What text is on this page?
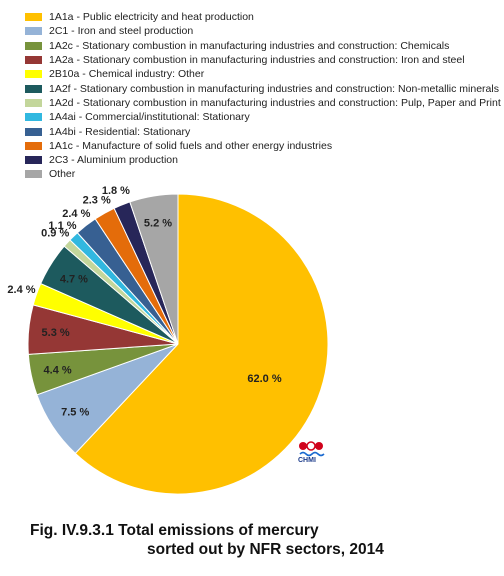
1A1a - Public electricity and heat production
2C1 - Iron and steel production
1A2c - Stationary combustion in manufacturing industries and construction: Chemicals
1A2a - Stationary combustion in manufacturing industries and construction: Iron and steel
2B10a - Chemical industry: Other
1A2f - Stationary combustion in manufacturing industries and construction: Non-metallic minerals
1A2d - Stationary combustion in manufacturing industries and construction: Pulp, Paper and Print
1A4ai - Commercial/institutional: Stationary
1A4bi - Residential: Stationary
1A1c - Manufacture of solid fuels and other energy industries
2C3 - Aluminium production
Other
62.0 %
7.5 %
4.4 %
5.3 %
2.4 %
4.7 %
0.9 %
1.1 %
2.4 %
2.3 %
1.8 %
5.2 %
CHMI
Fig. IV.9.3.1 Total emissions of mercury
sorted out by NFR sectors, 2014
